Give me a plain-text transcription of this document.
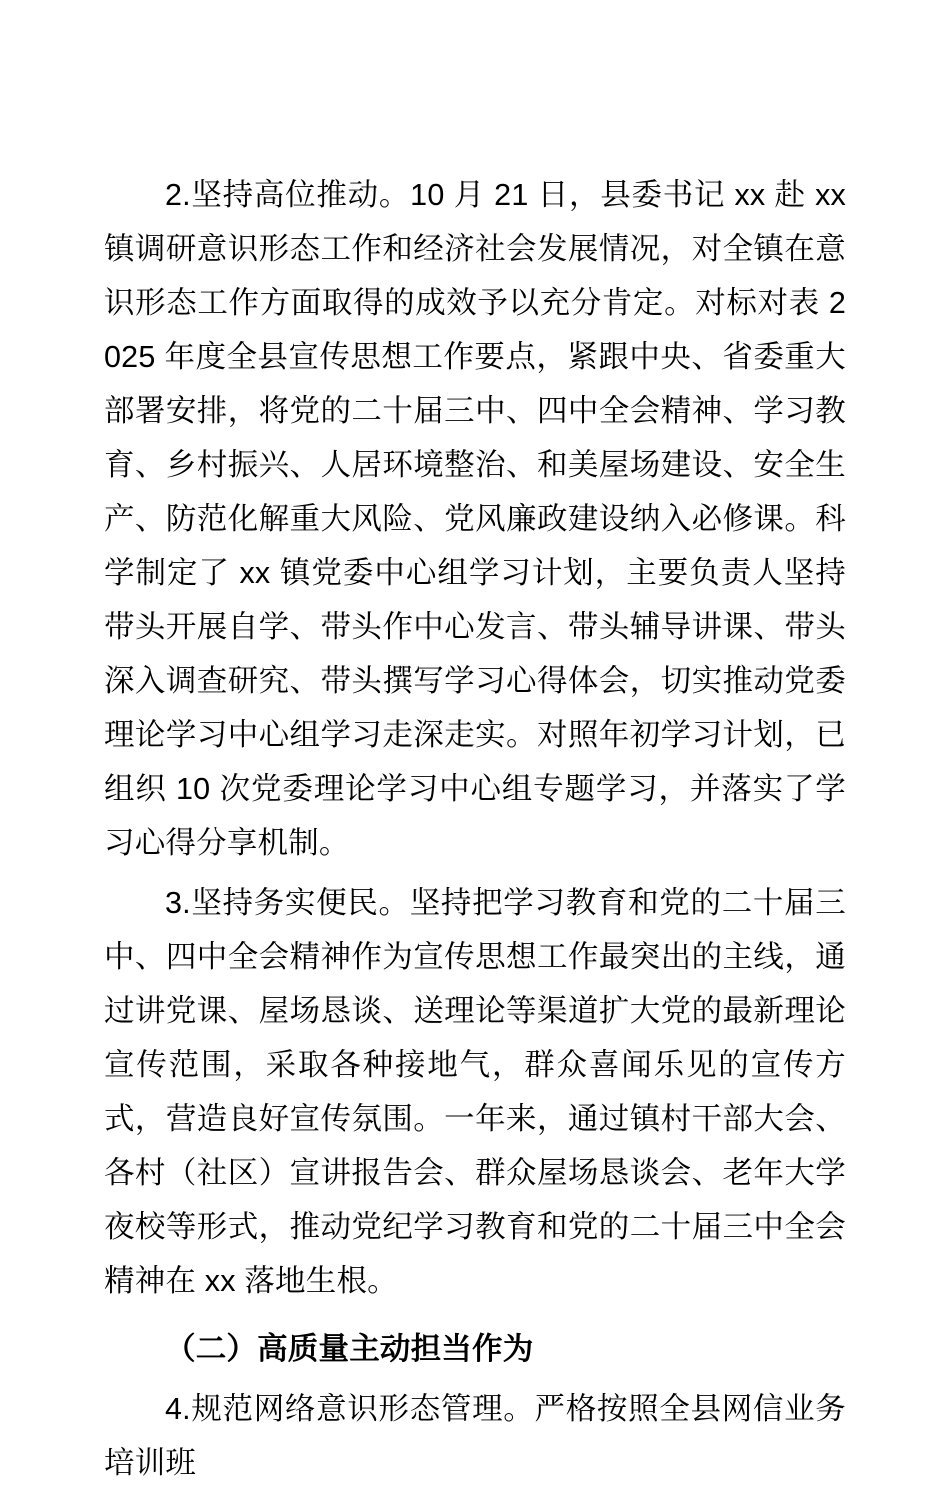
2.坚持高位推动。10 月 21 日，县委书记 xx 赴 xx 镇调研意识形态工作和经济社会发展情况，对全镇在意识形态工作方面取得的成效予以充分肯定。对标对表 2025 年度全县宣传思想工作要点，紧跟中央、省委重大部署安排，将党的二十届三中、四中全会精神、学习教育、乡村振兴、人居环境整治、和美屋场建设、安全生产、防范化解重大风险、党风廉政建设纳入必修课。科学制定了 xx 镇党委中心组学习计划，主要负责人坚持带头开展自学、带头作中心发言、带头辅导讲课、带头深入调查研究、带头撰写学习心得体会，切实推动党委理论学习中心组学习走深走实。对照年初学习计划，已组织 10 次党委理论学习中心组专题学习，并落实了学习心得分享机制。

3.坚持务实便民。坚持把学习教育和党的二十届三中、四中全会精神作为宣传思想工作最突出的主线，通过讲党课、屋场恳谈、送理论等渠道扩大党的最新理论宣传范围，采取各种接地气，群众喜闻乐见的宣传方式，营造良好宣传氛围。一年来，通过镇村干部大会、各村（社区）宣讲报告会、群众屋场恳谈会、老年大学夜校等形式，推动党纪学习教育和党的二十届三中全会精神在 xx 落地生根。

（二）高质量主动担当作为

4.规范网络意识形态管理。严格按照全县网信业务培训班
